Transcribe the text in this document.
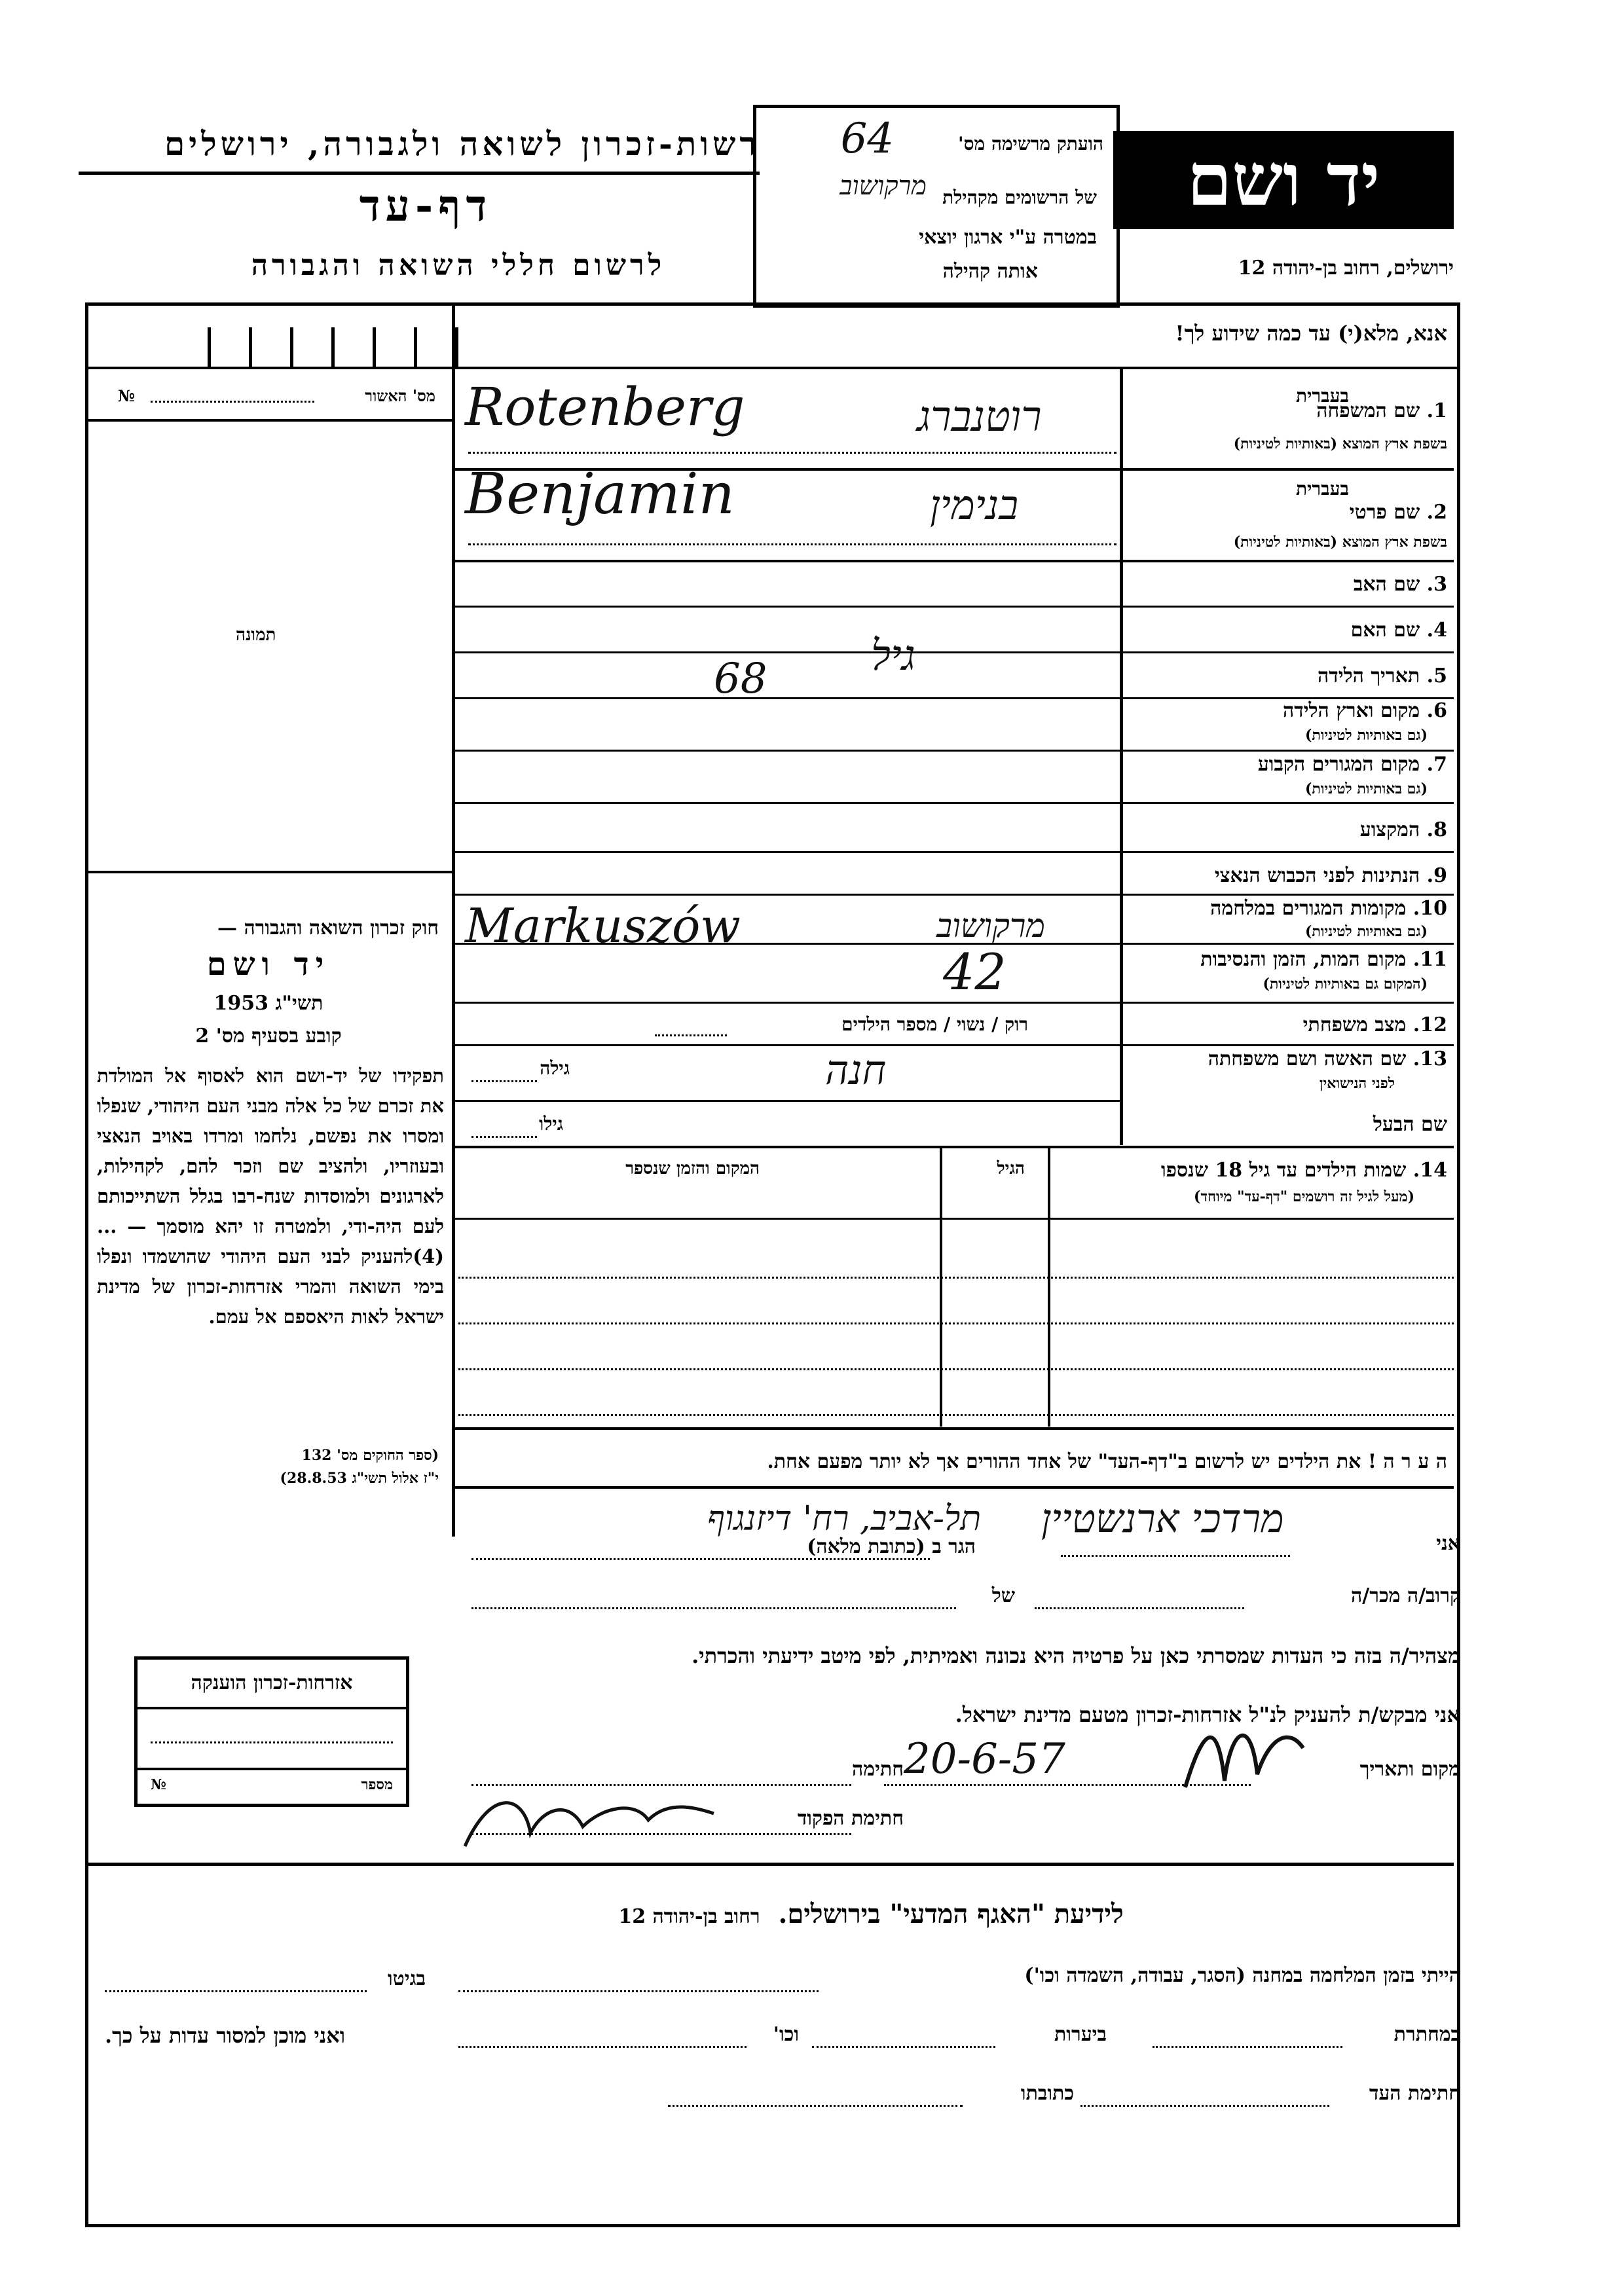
רשות-זכרון לשואה ולגבורה, ירושלים
דף-עד
לרשום חללי השואה והגבורה
הועתק מרשימה מס'
64
של הרשומים מקהילת
מרקושוב
במטרה ע"י ארגון יוצאי
אותה קהילה
יד ושם
ירושלים, רחוב בן-יהודה 12
אנא, מלא(י) עד כמה שידוע לך!
מס' האשור
№
תמונה
חוק זכרון השואה והגבורה —
יד ושם
תשי"ג 1953
קובע בסעיף מס' 2
תפקידו של יד-ושם הוא לאסוף אל המולדת את זכרם של כל אלה מבני העם היהודי, שנפלו ומסרו את נפשם, נלחמו ומרדו באויב הנאצי ובעוזריו, ולהציב שם וזכר להם, לקהילות, לארגונים ולמוסדות שנח-רבו בגלל השתייכותם לעם היה-ודי, ולמטרה זו יהא מוסמך — ...(4)להעניק לבני העם היהודי שהושמדו ונפלו בימי השואה והמרי אזרחות-זכרון של מדינת ישראל לאות היאספם אל עמם.
(ספר החוקים מס' 132
י"ז אלול תשי"ג 28.8.53)
אזרחות-זכרון הוענקה
מספר
№
1. שם המשפחה
בשפת ארץ המוצא (באותיות לטיניות)
בעברית
Rotenberg	רוטנברג
2. שם פרטי
בשפת ארץ המוצא (באותיות לטיניות)
בעברית
Benjamin	בנימין
3. שם האב
4. שם האם
5. תאריך הלידה
68 גיל
6. מקום וארץ הלידה
(גם באותיות לטיניות)
7. מקום המגורים הקבוע
(גם באותיות לטיניות)
8. המקצוע
9. הנתינות לפני הכבוש הנאצי
10. מקומות המגורים במלחמה
(גם באותיות לטיניות)
Markuszów	מרקושוב
11. מקום המות, הזמן והנסיבות
(המקום גם באותיות לטיניות)
42
12. מצב משפחתי
רוק / נשוי / מספר הילדים
13. שם האשה ושם משפחתה
לפני הנישואין
חנה
גילה
שם הבעל
גילו
14. שמות הילדים עד גיל 18 שנספו
(מעל לגיל זה רושמים "דף-עד" מיוחד)
הגיל
המקום והזמן שנספר
ה ע ר ה ! את הילדים יש לרשום ב"דף-העד" של אחד ההורים אך לא יותר מפעם אחת.
אני
מרדכי ארנשטיין
הגר ב (כתובת מלאה)
תל-אביב, רח' דיזנגוף
קרוב/ה מכר/ה
של
מצהיר/ה בזה כי העדות שמסרתי כאן על פרטיה היא נכונה ואמיתית, לפי מיטב ידיעתי והכרתי.
אני מבקש/ת להעניק לנ"ל אזרחות-זכרון מטעם מדינת ישראל.
מקום ותאריך
20-6-57
חתימה
חתימת הפקוד
לידיעת "האגף המדעי" בירושלים.  רחוב בן-יהודה 12
הייתי בזמן המלחמה במחנה (הסגר, עבודה, השמדה וכו')
בגיטו
במחתרת
ביערות
וכו'
ואני מוכן למסור עדות על כך.
חתימת העד
כתובתו
